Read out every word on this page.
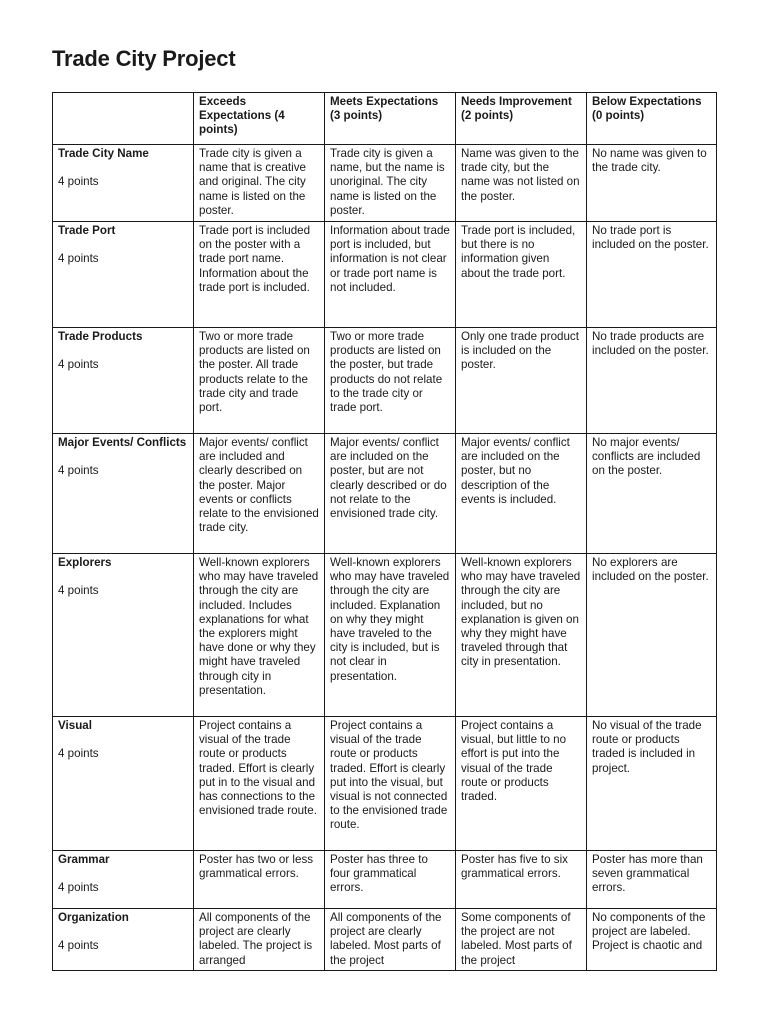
Trade City Project
	Exceeds Expectations (4 points)	Meets Expectations (3 points)	Needs Improvement (2 points)	Below Expectations (0 points)

Trade City Name
4 points	Trade city is given a name that is creative and original. The city name is listed on the poster.	Trade city is given a name, but the name is unoriginal. The city name is listed on the poster.	Name was given to the trade city, but the name was not listed on the poster.	No name was given to the trade city.

Trade Port
4 points	Trade port is included on the poster with a trade port name. Information about the trade port is included.	Information about trade port is included, but information is not clear or trade port name is not included.	Trade port is included, but there is no information given about the trade port.	No trade port is included on the poster.

Trade Products
4 points	Two or more trade products are listed on the poster. All trade products relate to the trade city and trade port.	Two or more trade products are listed on the poster, but trade products do not relate to the trade city or trade port.	Only one trade product is included on the poster.	No trade products are included on the poster.

Major Events/ Conflicts
4 points	Major events/ conflict are included and clearly described on the poster. Major events or conflicts relate to the envisioned trade city.	Major events/ conflict are included on the poster, but are not clearly described or do not relate to the envisioned trade city.	Major events/ conflict are included on the poster, but no description of the events is included.	No major events/ conflicts are included on the poster.

Explorers
4 points	Well-known explorers who may have traveled through the city are included. Includes explanations for what the explorers might have done or why they might have traveled through city in presentation.	Well-known explorers who may have traveled through the city are included. Explanation on why they might have traveled to the city is included, but is not clear in presentation.	Well-known explorers who may have traveled through the city are included, but no explanation is given on why they might have traveled through that city in presentation.	No explorers are included on the poster.

Visual
4 points	Project contains a visual of the trade route or products traded. Effort is clearly put in to the visual and has connections to the envisioned trade route.	Project contains a visual of the trade route or products traded. Effort is clearly put into the visual, but visual is not connected to the envisioned trade route.	Project contains a visual, but little to no effort is put into the visual of the trade route or products traded.	No visual of the trade route or products traded is included in project.

Grammar
4 points	Poster has two or less grammatical errors.	Poster has three to four grammatical errors.	Poster has five to six grammatical errors.	Poster has more than seven grammatical errors.

Organization
4 points	All components of the project are clearly labeled. The project is arranged	All components of the project are clearly labeled. Most parts of the project	Some components of the project are not labeled. Most parts of the project	No components of the project are labeled. Project is chaotic and
